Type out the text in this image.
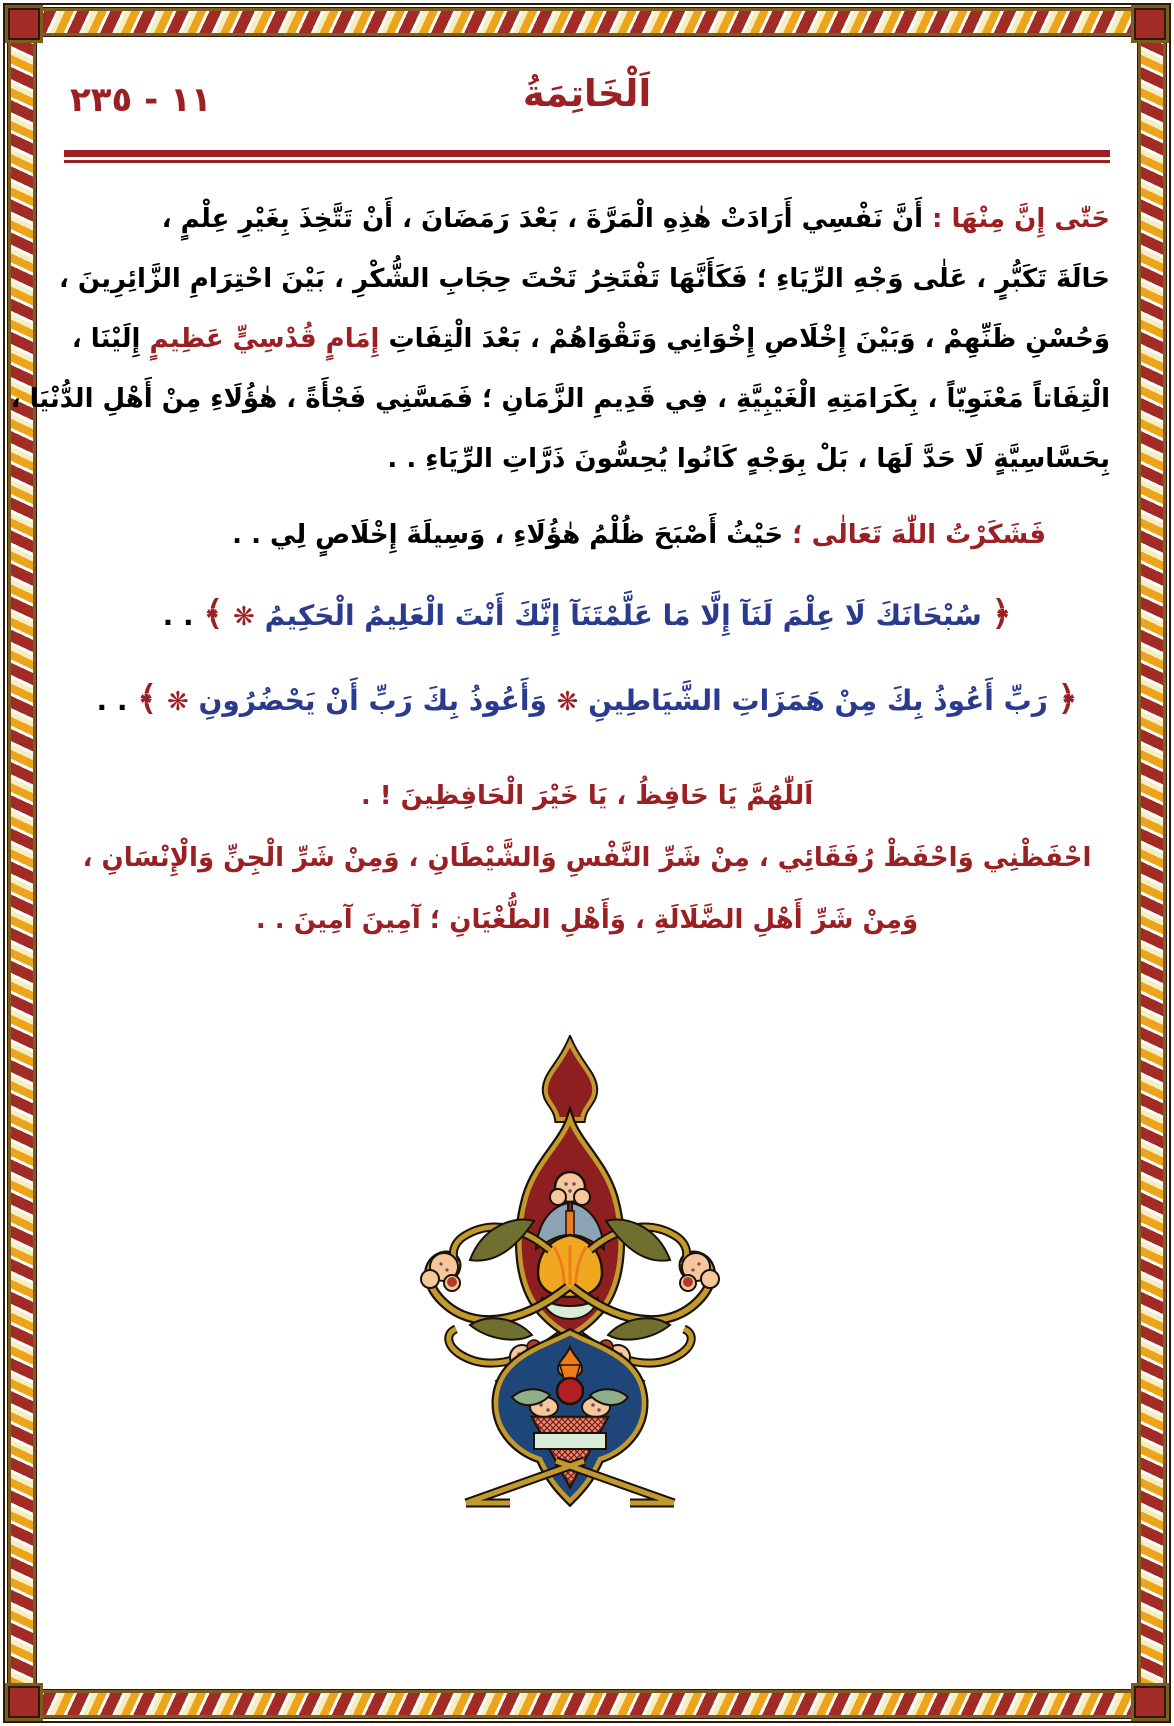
١١ - ٢٣٥	اَلْخَاتِمَةُ
حَتّٰى إِنَّ مِنْهَا : أَنَّ نَفْسِي أَرَادَتْ هٰذِهِ الْمَرَّةَ ، بَعْدَ رَمَضَانَ ، أَنْ تَتَّخِذَ بِغَيْرِ عِلْمٍ ،
حَالَةَ تَكَبُّرٍ ، عَلٰى وَجْهِ الرِّيَاءِ ؛ فَكَأَنَّهَا تَفْتَخِرُ تَحْتَ حِجَابِ الشُّكْرِ ، بَيْنَ احْتِرَامِ الزَّائِرِينَ ،
وَحُسْنِ ظَنِّهِمْ ، وَبَيْنَ إِخْلَاصِ إِخْوَانِي وَتَقْوَاهُمْ ، بَعْدَ الْتِفَاتِ إِمَامٍ قُدْسِيٍّ عَظِيمٍ إِلَيْنَا ،
الْتِفَاتاً مَعْنَوِيّاً ، بِكَرَامَتِهِ الْغَيْبِيَّةِ ، فِي قَدِيمِ الزَّمَانِ ؛ فَمَسَّنِي فَجْأَةً ، هٰؤُلَاءِ مِنْ أَهْلِ الدُّنْيَا ،
بِحَسَّاسِيَّةٍ لَا حَدَّ لَهَا ، بَلْ بِوَجْهٍ كَانُوا يُحِسُّونَ ذَرَّاتِ الرِّيَاءِ . .
فَشَكَرْتُ اللّٰهَ تَعَالٰى ؛ حَيْثُ أَصْبَحَ ظُلْمُ هٰؤُلَاءِ ، وَسِيلَةَ إِخْلَاصٍ لِي . .
﴿ سُبْحَانَكَ لَا عِلْمَ لَنَآ إِلَّا مَا عَلَّمْتَنَآ إِنَّكَ أَنْتَ الْعَلِيمُ الْحَكِيمُ ❋ ﴾ . .
﴿ رَبِّ أَعُوذُ بِكَ مِنْ هَمَزَاتِ الشَّيَاطِينِ ❋ وَأَعُوذُ بِكَ رَبِّ أَنْ يَحْضُرُونِ ❋ ﴾ . .
اَللّٰهُمَّ يَا حَافِظُ ، يَا خَيْرَ الْحَافِظِينَ ! .
احْفَظْنِي وَاحْفَظْ رُفَقَائِي ، مِنْ شَرِّ النَّفْسِ وَالشَّيْطَانِ ، وَمِنْ شَرِّ الْجِنِّ وَالْإِنْسَانِ ،
وَمِنْ شَرِّ أَهْلِ الضَّلَالَةِ ، وَأَهْلِ الطُّغْيَانِ ؛ آمِينَ آمِينَ . .
